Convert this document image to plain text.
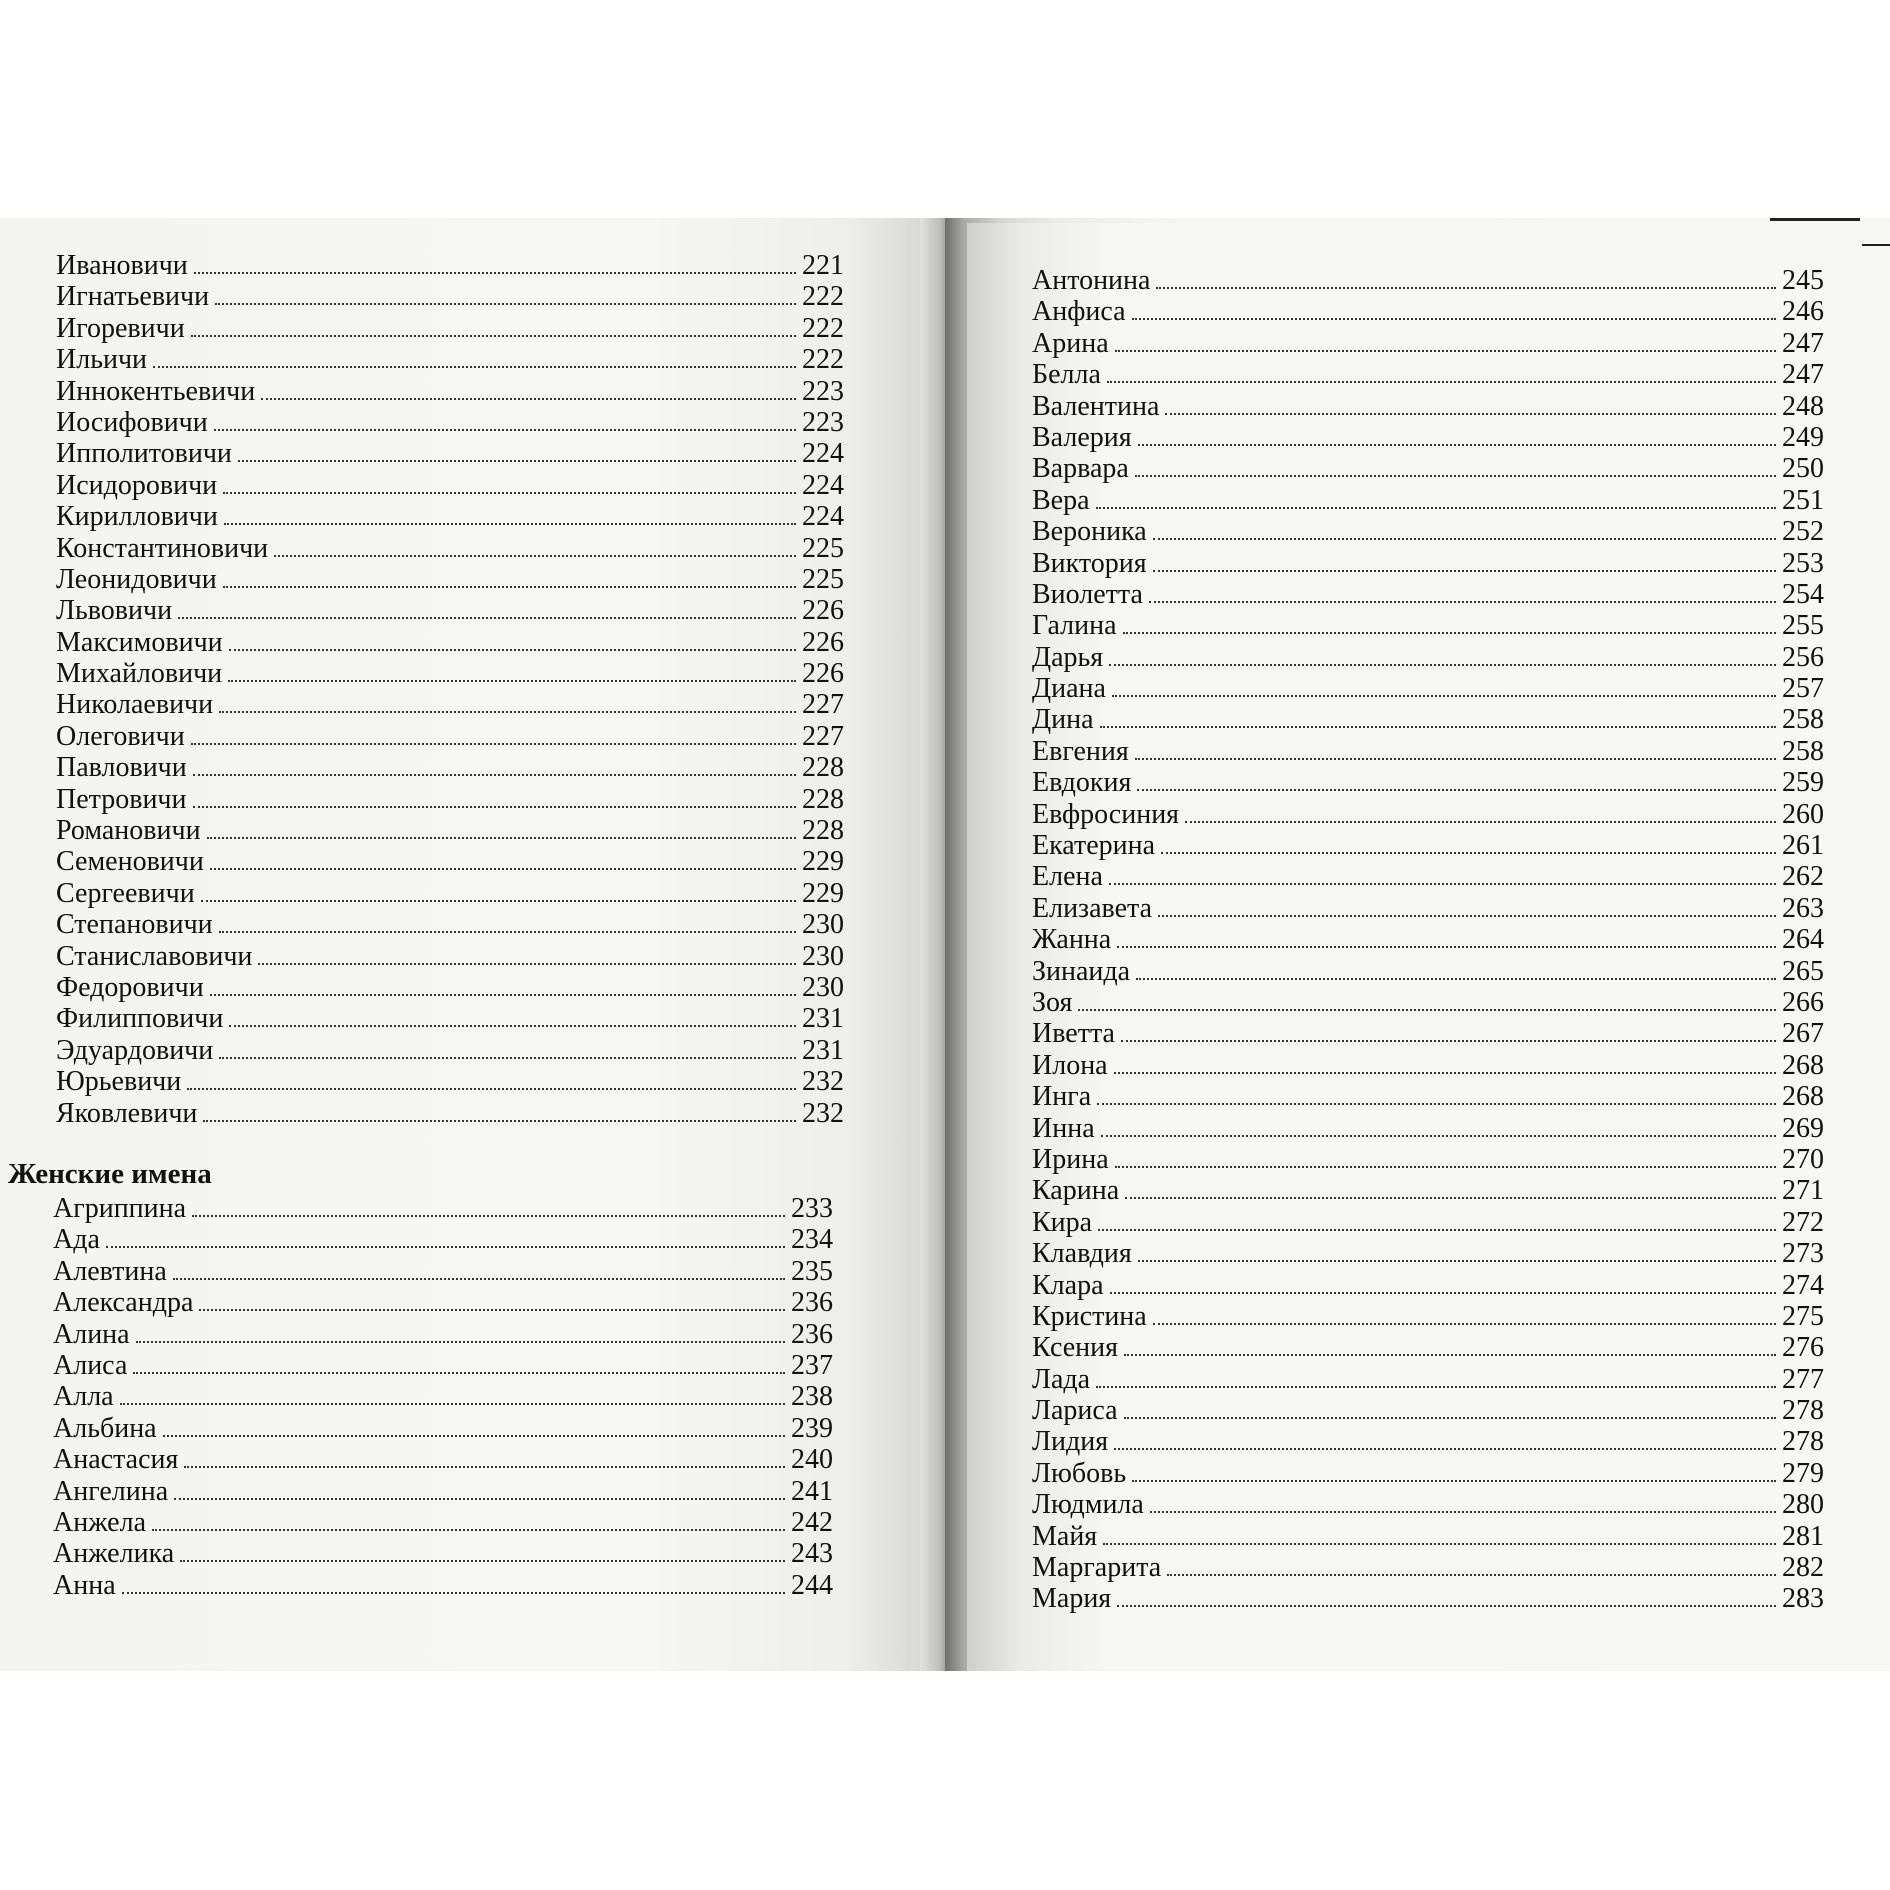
Ивановичи	221
Игнатьевичи	222
Игоревичи	222
Ильичи	222
Иннокентьевичи	223
Иосифовичи	223
Ипполитовичи	224
Исидоровичи	224
Кирилловичи	224
Константиновичи	225
Леонидовичи	225
Львовичи	226
Максимовичи	226
Михайловичи	226
Николаевичи	227
Олеговичи	227
Павловичи	228
Петровичи	228
Романовичи	228
Семеновичи	229
Сергеевичи	229
Степановичи	230
Станиславовичи	230
Федоровичи	230
Филипповичи	231
Эдуардовичи	231
Юрьевичи	232
Яковлевичи	232
Женские имена
Агриппина	233
Ада	234
Алевтина	235
Александра	236
Алина	236
Алиса	237
Алла	238
Альбина	239
Анастасия	240
Ангелина	241
Анжела	242
Анжелика	243
Анна	244
Антонина	245
Анфиса	246
Арина	247
Белла	247
Валентина	248
Валерия	249
Варвара	250
Вера	251
Вероника	252
Виктория	253
Виолетта	254
Галина	255
Дарья	256
Диана	257
Дина	258
Евгения	258
Евдокия	259
Евфросиния	260
Екатерина	261
Елена	262
Елизавета	263
Жанна	264
Зинаида	265
Зоя	266
Иветта	267
Илона	268
Инга	268
Инна	269
Ирина	270
Карина	271
Кира	272
Клавдия	273
Клара	274
Кристина	275
Ксения	276
Лада	277
Лариса	278
Лидия	278
Любовь	279
Людмила	280
Майя	281
Маргарита	282
Мария	283
